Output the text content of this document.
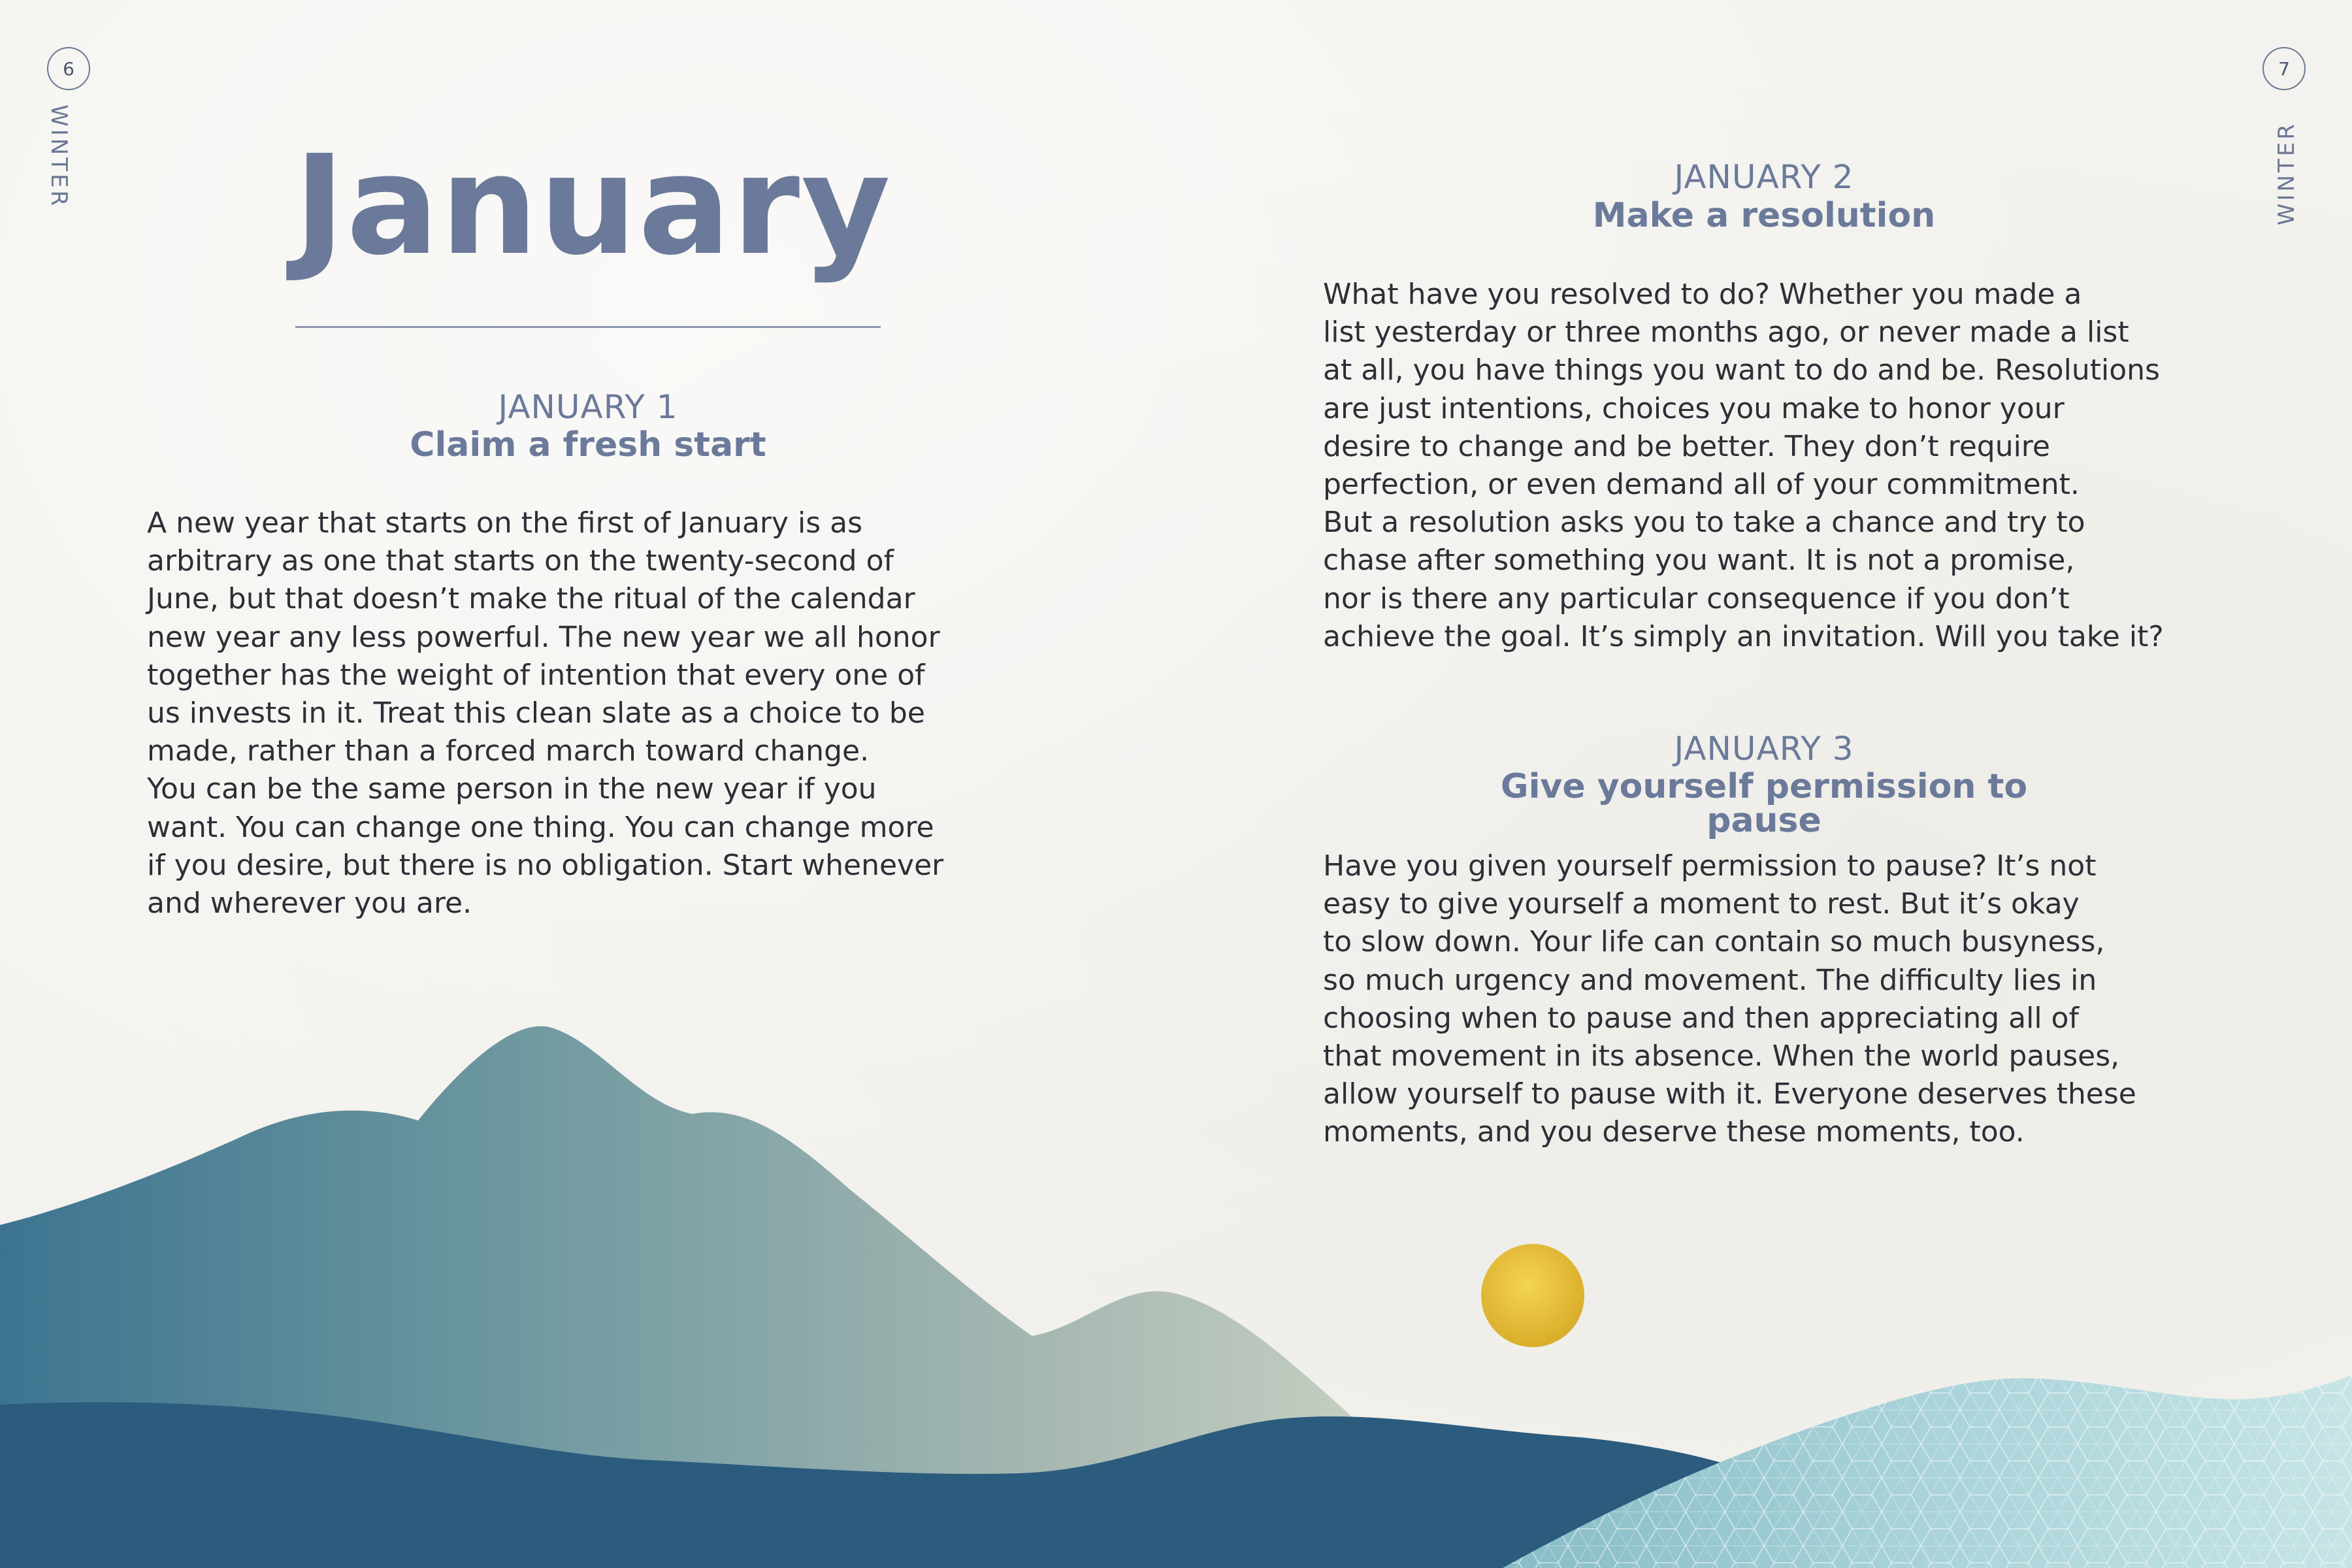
6
WINTER
7
WINTER
January
JANUARY 1
Claim a fresh start

A new year that starts on the first of January is as

arbitrary as one that starts on the twenty-second of

June, but that doesn’t make the ritual of the calendar

new year any less powerful. The new year we all honor

together has the weight of intention that every one of

us invests in it. Treat this clean slate as a choice to be

made, rather than a forced march toward change.

You can be the same person in the new year if you

want. You can change one thing. You can change more

if you desire, but there is no obligation. Start whenever

and wherever you are.

JANUARY 2
Make a resolution

What have you resolved to do? Whether you made a

list yesterday or three months ago, or never made a list

at all, you have things you want to do and be. Resolutions

are just intentions, choices you make to honor your

desire to change and be better. They don’t require

perfection, or even demand all of your commitment.

But a resolution asks you to take a chance and try to

chase after something you want. It is not a promise,

nor is there any particular consequence if you don’t

achieve the goal. It’s simply an invitation. Will you take it?

JANUARY 3
Give yourself permission to pause

Have you given yourself permission to pause? It’s not

easy to give yourself a moment to rest. But it’s okay

to slow down. Your life can contain so much busyness,

so much urgency and movement. The difficulty lies in

choosing when to pause and then appreciating all of

that movement in its absence. When the world pauses,

allow yourself to pause with it. Everyone deserves these

moments, and you deserve these moments, too.
